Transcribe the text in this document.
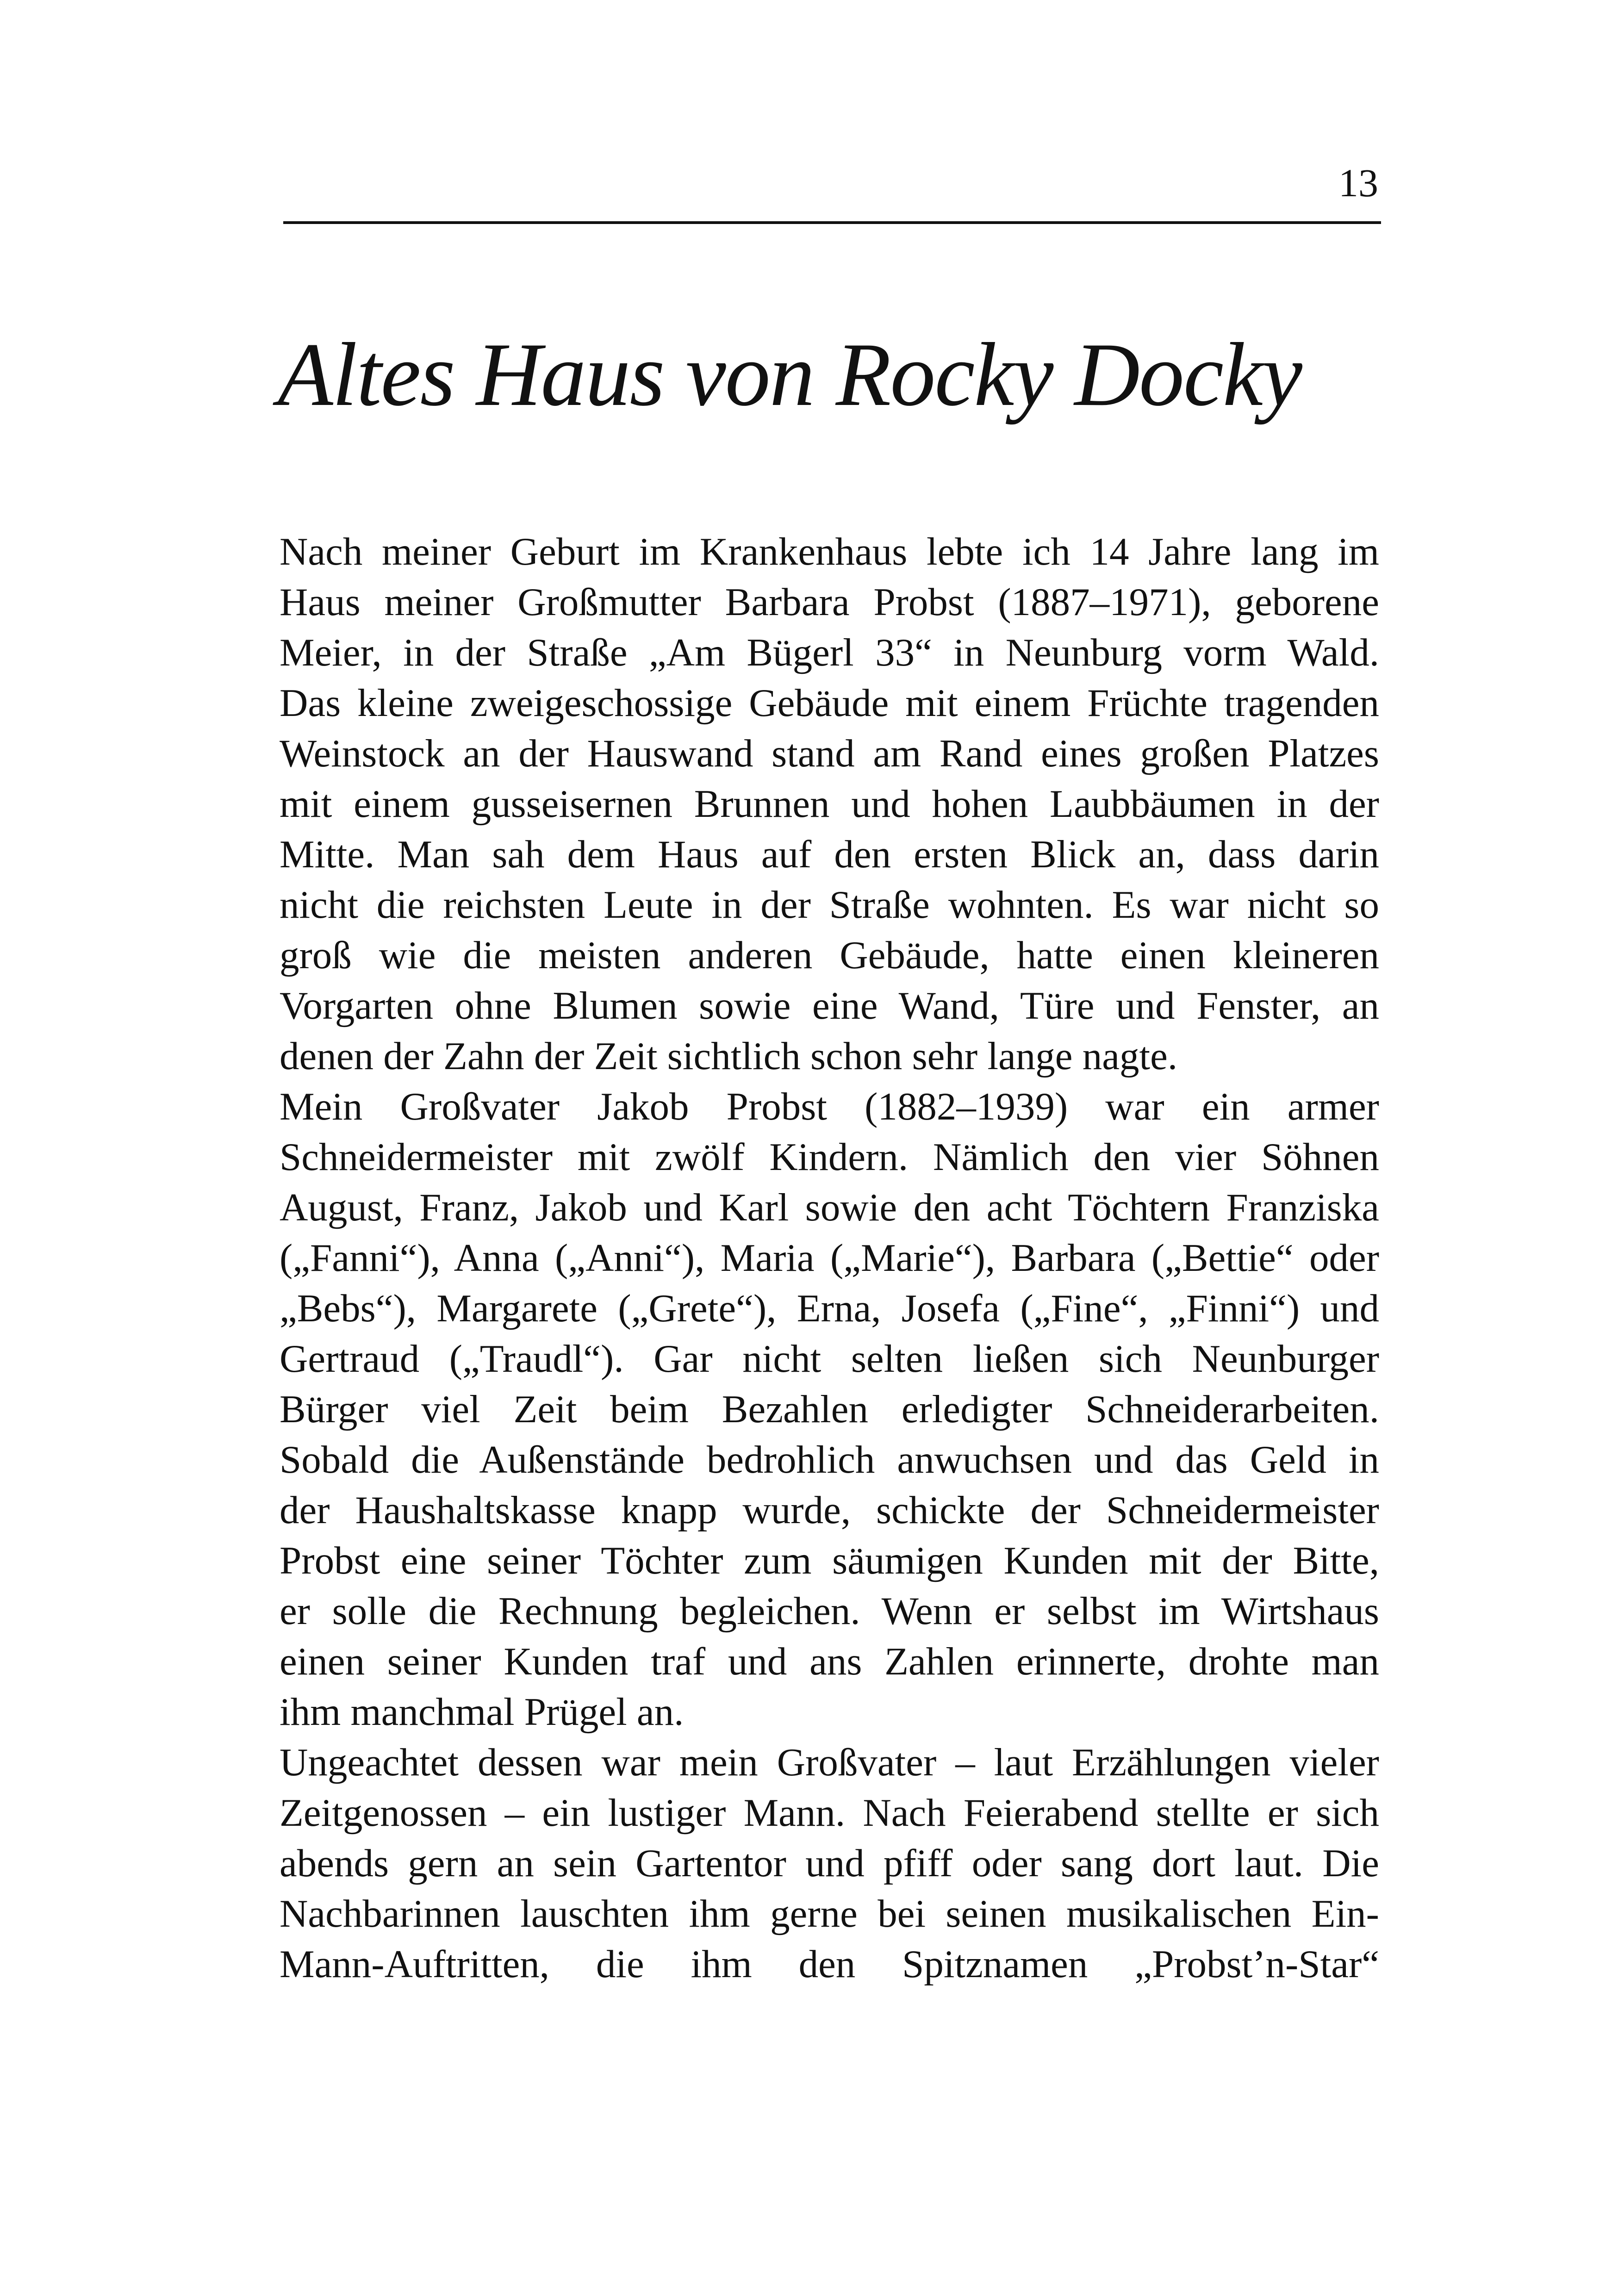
13
Altes Haus von Rocky Docky
Nach meiner Geburt im Krankenhaus lebte ich 14 Jahre lang im
Haus meiner Großmutter Barbara Probst (1887–1971), geborene
Meier, in der Straße „Am Bügerl 33“ in Neunburg vorm Wald.
Das kleine zweigeschossige Gebäude mit einem Früchte tragenden
Weinstock an der Hauswand stand am Rand eines großen Platzes
mit einem gusseisernen Brunnen und hohen Laubbäumen in der
Mitte. Man sah dem Haus auf den ersten Blick an, dass darin
nicht die reichsten Leute in der Straße wohnten. Es war nicht so
groß wie die meisten anderen Gebäude, hatte einen kleineren
Vorgarten ohne Blumen sowie eine Wand, Türe und Fenster, an
denen der Zahn der Zeit sichtlich schon sehr lange nagte.
Mein Großvater Jakob Probst (1882–1939) war ein armer
Schneidermeister mit zwölf Kindern. Nämlich den vier Söhnen
August, Franz, Jakob und Karl sowie den acht Töchtern Franziska
(„Fanni“), Anna („Anni“), Maria („Marie“), Barbara („Bettie“ oder
„Bebs“), Margarete („Grete“), Erna, Josefa („Fine“, „Finni“) und
Gertraud („Traudl“). Gar nicht selten ließen sich Neunburger
Bürger viel Zeit beim Bezahlen erledigter Schneiderarbeiten.
Sobald die Außenstände bedrohlich anwuchsen und das Geld in
der Haushaltskasse knapp wurde, schickte der Schneidermeister
Probst eine seiner Töchter zum säumigen Kunden mit der Bitte,
er solle die Rechnung begleichen. Wenn er selbst im Wirtshaus
einen seiner Kunden traf und ans Zahlen erinnerte, drohte man
ihm manchmal Prügel an.
Ungeachtet dessen war mein Großvater – laut Erzählungen vieler
Zeitgenossen – ein lustiger Mann. Nach Feierabend stellte er sich
abends gern an sein Gartentor und pfiff oder sang dort laut. Die
Nachbarinnen lauschten ihm gerne bei seinen musikalischen Ein-
Mann-Auftritten, die ihm den Spitznamen „Probst’n-Star“
